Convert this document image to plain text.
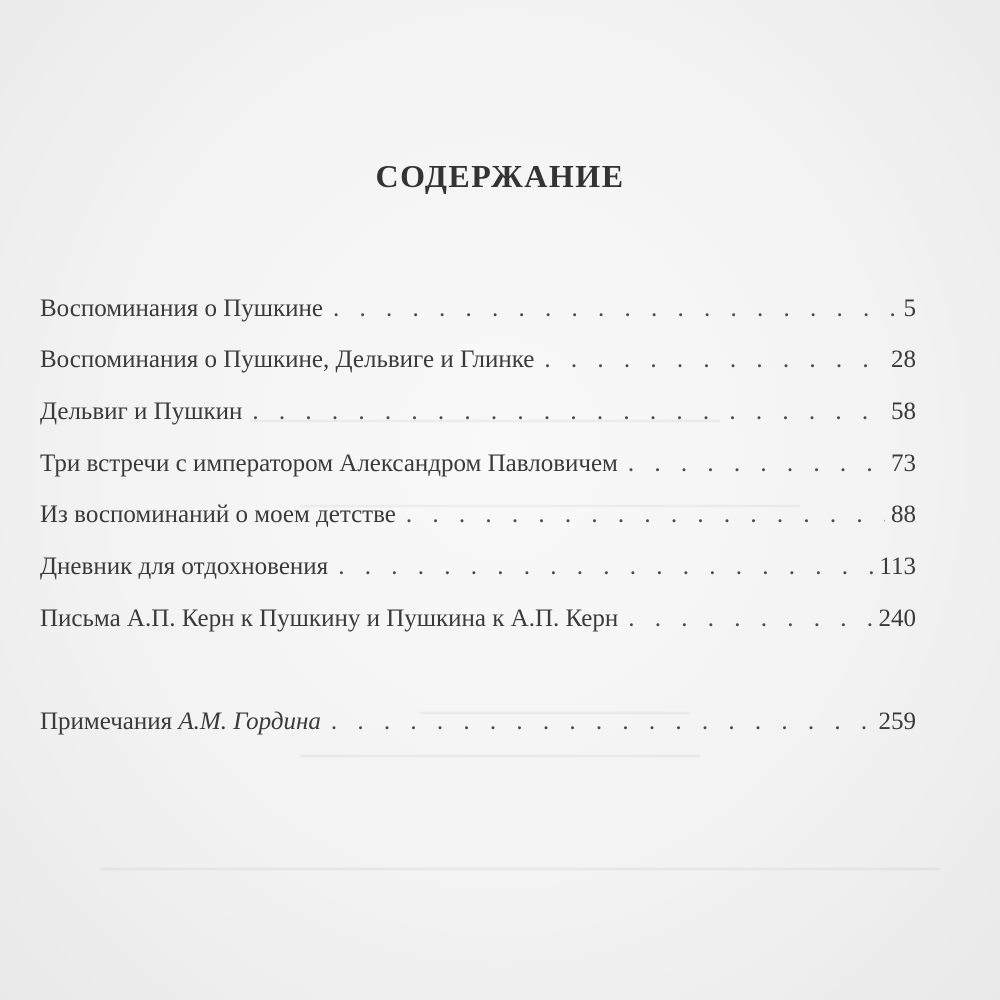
СОДЕРЖАНИЕ
Воспоминания о Пушкине . . .	5
Воспоминания о Пушкине, Дельвиге и Глинке . . .	28
Дельвиг и Пушкин . . .	58
Три встречи с императором Александром Павловичем . . .	73
Из воспоминаний о моем детстве . . .	88
Дневник для отдохновения . . .	113
Письма А.П. Керн к Пушкину и Пушкина к А.П. Керн . . .	240
Примечания А.М. Гордина . . .	259
